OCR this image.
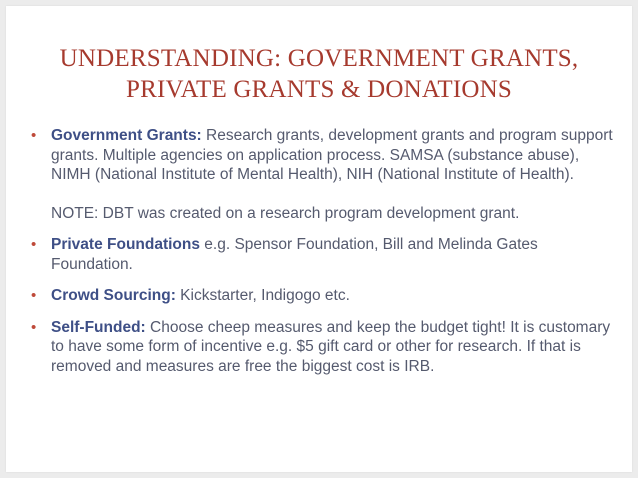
UNDERSTANDING: GOVERNMENT GRANTS,
PRIVATE GRANTS & DONATIONS
• Government Grants: Research grants, development grants and program support grants. Multiple agencies on application process. SAMSA (substance abuse), NIMH (National Institute of Mental Health), NIH (National Institute of Health).
NOTE: DBT was created on a research program development grant.
• Private Foundations e.g. Spensor Foundation, Bill and Melinda Gates Foundation.
• Crowd Sourcing: Kickstarter, Indigogo etc.
• Self-Funded: Choose cheep measures and keep the budget tight! It is customary to have some form of incentive e.g. $5 gift card or other for research. If that is removed and measures are free the biggest cost is IRB.
